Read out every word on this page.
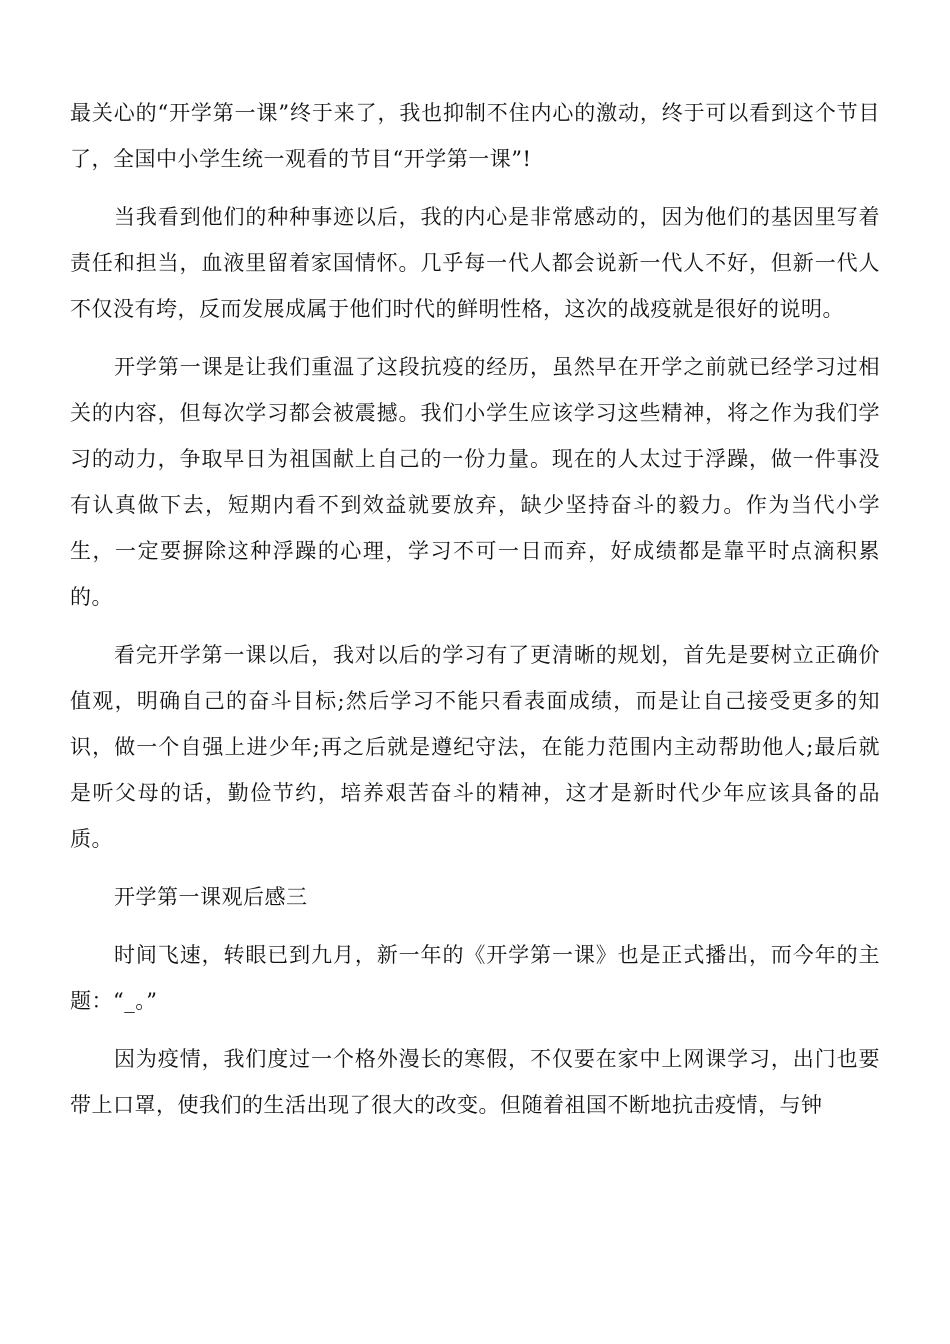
最关心的“开学第一课”终于来了，我也抑制不住内心的激动，终于可以看到这个节目了，全国中小学生统一观看的节目“开学第一课”!

当我看到他们的种种事迹以后，我的内心是非常感动的，因为他们的基因里写着责任和担当，血液里留着家国情怀。几乎每一代人都会说新一代人不好，但新一代人不仅没有垮，反而发展成属于他们时代的鲜明性格，这次的战疫就是很好的说明。

开学第一课是让我们重温了这段抗疫的经历，虽然早在开学之前就已经学习过相关的内容，但每次学习都会被震撼。我们小学生应该学习这些精神，将之作为我们学习的动力，争取早日为祖国献上自己的一份力量。现在的人太过于浮躁，做一件事没有认真做下去，短期内看不到效益就要放弃，缺少坚持奋斗的毅力。作为当代小学生，一定要摒除这种浮躁的心理，学习不可一日而弃，好成绩都是靠平时点滴积累的。

看完开学第一课以后，我对以后的学习有了更清晰的规划，首先是要树立正确价值观，明确自己的奋斗目标;然后学习不能只看表面成绩，而是让自己接受更多的知识，做一个自强上进少年;再之后就是遵纪守法，在能力范围内主动帮助他人;最后就是听父母的话，勤俭节约，培养艰苦奋斗的精神，这才是新时代少年应该具备的品质。

开学第一课观后感三

时间飞速，转眼已到九月，新一年的《开学第一课》也是正式播出，而今年的主题：“_。”

因为疫情，我们度过一个格外漫长的寒假，不仅要在家中上网课学习，出门也要带上口罩，使我们的生活出现了很大的改变。但随着祖国不断地抗击疫情，与钟
